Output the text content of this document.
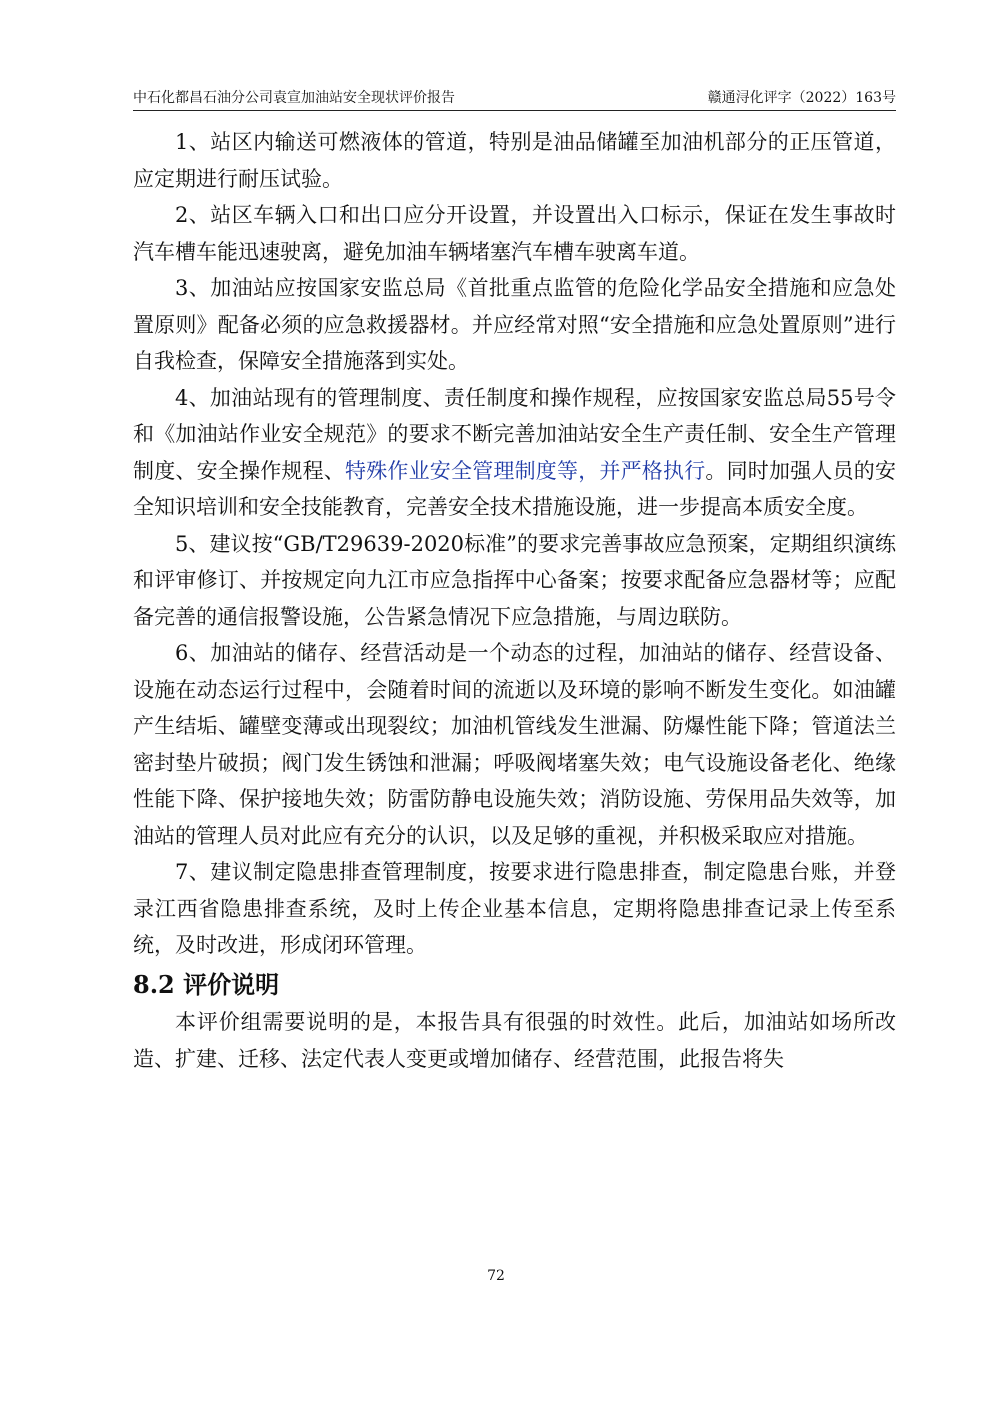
中石化都昌石油分公司袁宣加油站安全现状评价报告	赣通浔化评字（2022）163号

1、站区内输送可燃液体的管道，特别是油品储罐至加油机部分的正压管道，应定期进行耐压试验。

2、站区车辆入口和出口应分开设置，并设置出入口标示，保证在发生事故时汽车槽车能迅速驶离，避免加油车辆堵塞汽车槽车驶离车道。

3、加油站应按国家安监总局《首批重点监管的危险化学品安全措施和应急处置原则》配备必须的应急救援器材。并应经常对照“安全措施和应急处置原则”进行自我检查，保障安全措施落到实处。

4、加油站现有的管理制度、责任制度和操作规程，应按国家安监总局55号令和《加油站作业安全规范》的要求不断完善加油站安全生产责任制、安全生产管理制度、安全操作规程、特殊作业安全管理制度等，并严格执行。同时加强人员的安全知识培训和安全技能教育，完善安全技术措施设施，进一步提高本质安全度。

5、建议按“GB/T29639-2020标准”的要求完善事故应急预案，定期组织演练和评审修订、并按规定向九江市应急指挥中心备案；按要求配备应急器材等；应配备完善的通信报警设施，公告紧急情况下应急措施，与周边联防。

6、加油站的储存、经营活动是一个动态的过程，加油站的储存、经营设备、设施在动态运行过程中，会随着时间的流逝以及环境的影响不断发生变化。如油罐产生结垢、罐壁变薄或出现裂纹；加油机管线发生泄漏、防爆性能下降；管道法兰密封垫片破损；阀门发生锈蚀和泄漏；呼吸阀堵塞失效；电气设施设备老化、绝缘性能下降、保护接地失效；防雷防静电设施失效；消防设施、劳保用品失效等，加油站的管理人员对此应有充分的认识，以及足够的重视，并积极采取应对措施。

7、建议制定隐患排查管理制度，按要求进行隐患排查，制定隐患台账，并登录江西省隐患排查系统，及时上传企业基本信息，定期将隐患排查记录上传至系统，及时改进，形成闭环管理。

8.2 评价说明

本评价组需要说明的是，本报告具有很强的时效性。此后，加油站如场所改造、扩建、迁移、法定代表人变更或增加储存、经营范围，此报告将失

72
